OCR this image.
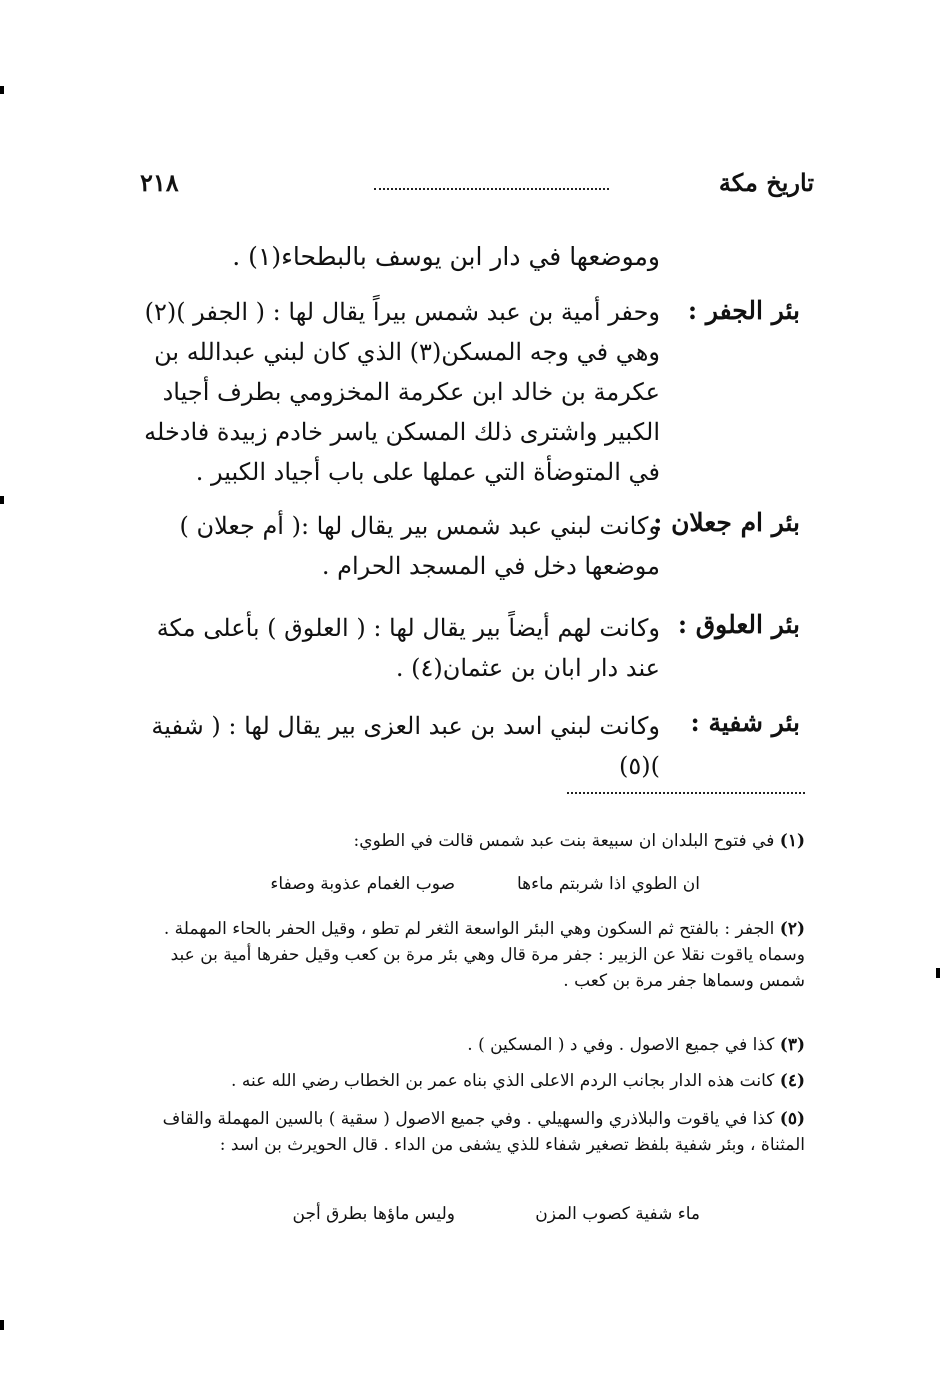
تاريخ مكة
٢١٨
وموضعها في دار ابن يوسف بالبطحاء(١) .
بئر الجفر :
وحفر أمية بن عبد شمس بيراً يقال لها : ( الجفر )(٢) وهي في وجه المسكن(٣) الذي كان لبني عبدالله بن عكرمة بن خالد ابن عكرمة المخزومي بطرف أجياد الكبير واشترى ذلك المسكن ياسر خادم زبيدة فادخله في المتوضأة التي عملها على باب أجياد الكبير .
بئر ام جعلان :
وكانت لبني عبد شمس بير يقال لها :( أم جعلان ) موضعها دخل في المسجد الحرام .
بئر العلوق :
وكانت لهم أيضاً بير يقال لها : ( العلوق ) بأعلى مكة عند دار ابان بن عثمان(٤) .
بئر شفية :
وكانت لبني اسد بن عبد العزى بير يقال لها : ( شفية )(٥)
(١) في فتوح البلدان ان سبيعة بنت عبد شمس قالت في الطوي:
ان الطوي اذا شربتم ماءها
صوب الغمام عذوبة وصفاء
(٢) الجفر : بالفتح ثم السكون وهي البئر الواسعة الثغر لم تطو ، وقيل الحفر بالحاء المهملة . وسماه ياقوت نقلا عن الزبير : جفر مرة قال وهي بئر مرة بن كعب وقيل حفرها أمية بن عبد شمس وسماها جفر مرة بن كعب .
(٣) كذا في جميع الاصول . وفي د ( المسكين ) .
(٤) كانت هذه الدار بجانب الردم الاعلى الذي بناه عمر بن الخطاب رضي الله عنه .
(٥) كذا في ياقوت والبلاذري والسهيلي . وفي جميع الاصول ( سقية ) بالسين المهملة والقاف المثناة ، وبئر شفية بلفظ تصغير شفاء للذي يشفى من الداء . قال الحويرث بن اسد :
ماء شفية كصوب المزن
وليس ماؤها بطرق أجن
